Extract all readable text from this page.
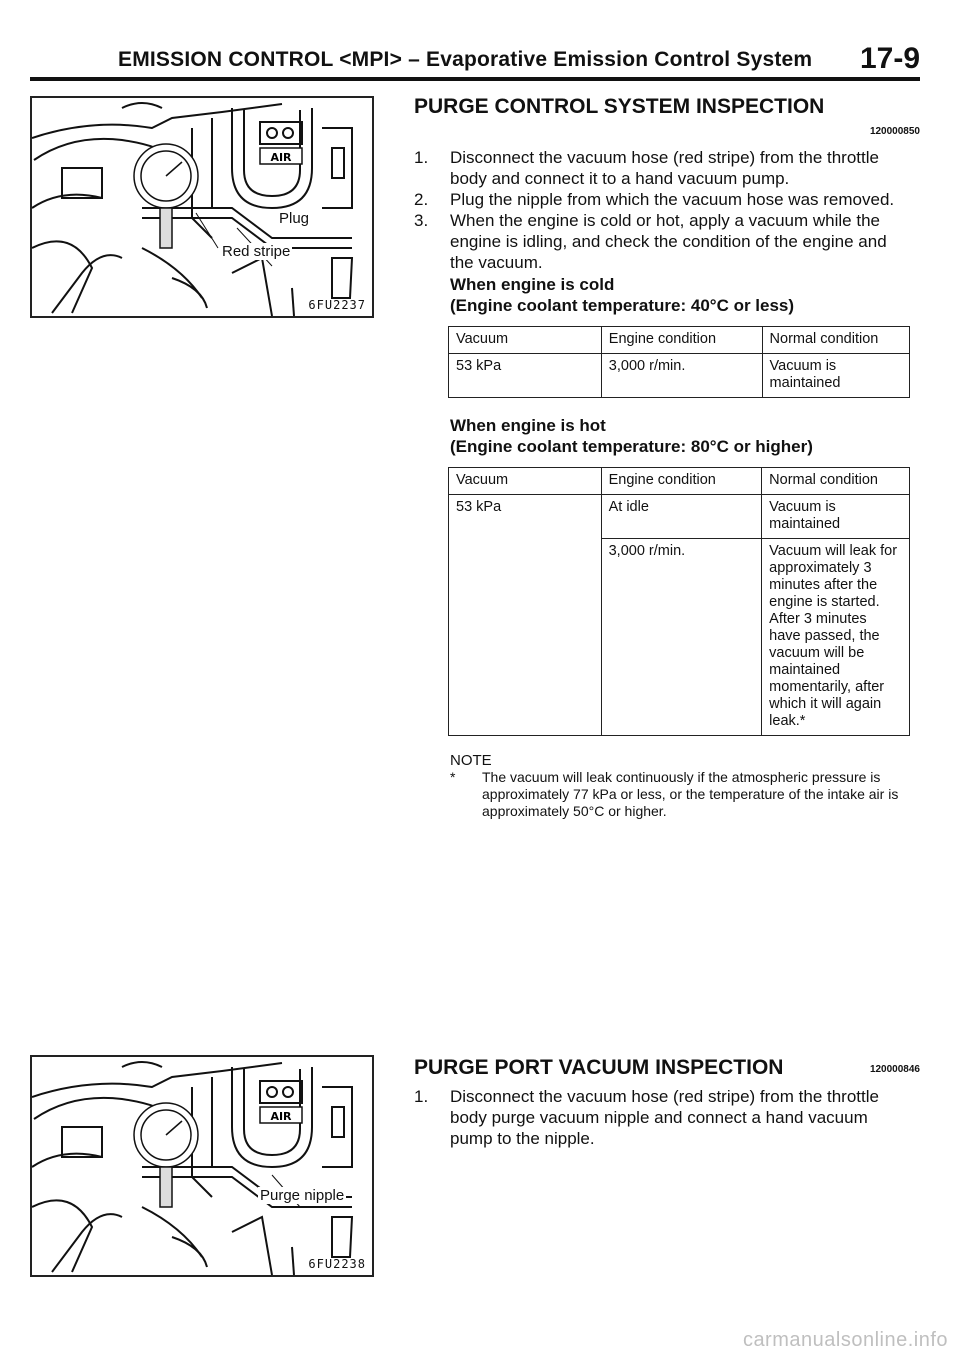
EMISSION CONTROL <MPI> – Evaporative Emission Control System 17-9
AIR
Plug
Red stripe
6FU2237
PURGE CONTROL SYSTEM INSPECTION
120000850
1. Disconnect the vacuum hose (red stripe) from the throttle body and connect it to a hand vacuum pump.
2. Plug the nipple from which the vacuum hose was removed.
3. When the engine is cold or hot, apply a vacuum while the engine is idling, and check the condition of the engine and the vacuum.
When engine is cold
(Engine coolant temperature: 40°C or less)
Vacuum	Engine condition	Normal condition
53 kPa	3,000 r/min.	Vacuum is maintained
When engine is hot
(Engine coolant temperature: 80°C or higher)
Vacuum	Engine condition	Normal condition
53 kPa	At idle	Vacuum is maintained
	3,000 r/min.	Vacuum will leak for approximately 3 minutes after the engine is started. After 3 minutes have passed, the vacuum will be maintained momentarily, after which it will again leak.*
NOTE
* The vacuum will leak continuously if the atmospheric pressure is approximately 77 kPa or less, or the temperature of the intake air is approximately 50°C or higher.
AIR
Purge nipple
6FU2238
PURGE PORT VACUUM INSPECTION	120000846
1. Disconnect the vacuum hose (red stripe) from the throttle body purge vacuum nipple and connect a hand vacuum pump to the nipple.
carmanualsonline.info
